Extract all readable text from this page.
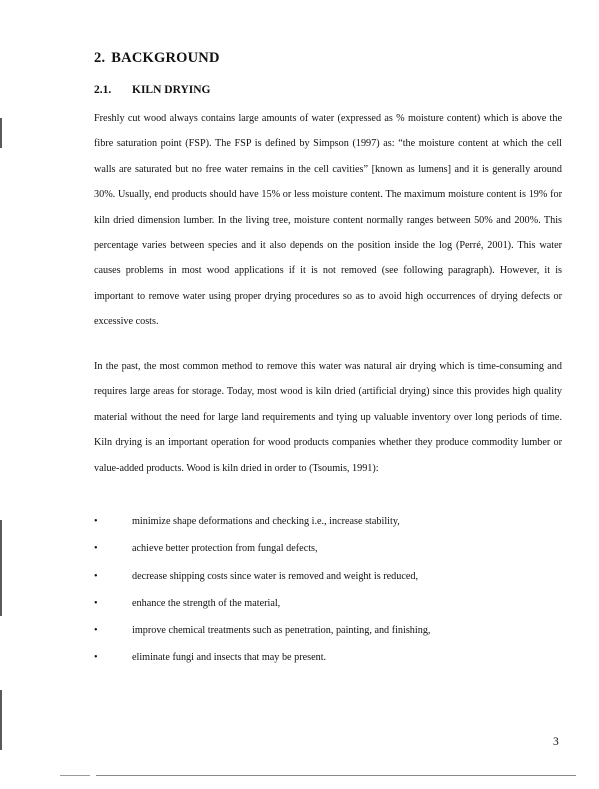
2. BACKGROUND
2.1. KILN DRYING

Freshly cut wood always contains large amounts of water (expressed as % moisture content) which is above the fibre saturation point (FSP). The FSP is defined by Simpson (1997) as: “the moisture content at which the cell walls are saturated but no free water remains in the cell cavities” [known as lumens] and it is generally around 30%. Usually, end products should have 15% or less moisture content. The maximum moisture content is 19% for kiln dried dimension lumber. In the living tree, moisture content normally ranges between 50% and 200%. This percentage varies between species and it also depends on the position inside the log (Perré, 2001). This water causes problems in most wood applications if it is not removed (see following paragraph). However, it is important to remove water using proper drying procedures so as to avoid high occurrences of drying defects or excessive costs.

In the past, the most common method to remove this water was natural air drying which is time-consuming and requires large areas for storage. Today, most wood is kiln dried (artificial drying) since this provides high quality material without the need for large land requirements and tying up valuable inventory over long periods of time. Kiln drying is an important operation for wood products companies whether they produce commodity lumber or value-added products. Wood is kiln dried in order to (Tsoumis, 1991):

•	minimize shape deformations and checking i.e., increase stability,
•	achieve better protection from fungal defects,
•	decrease shipping costs since water is removed and weight is reduced,
•	enhance the strength of the material,
•	improve chemical treatments such as penetration, painting, and finishing,
•	eliminate fungi and insects that may be present.
3
